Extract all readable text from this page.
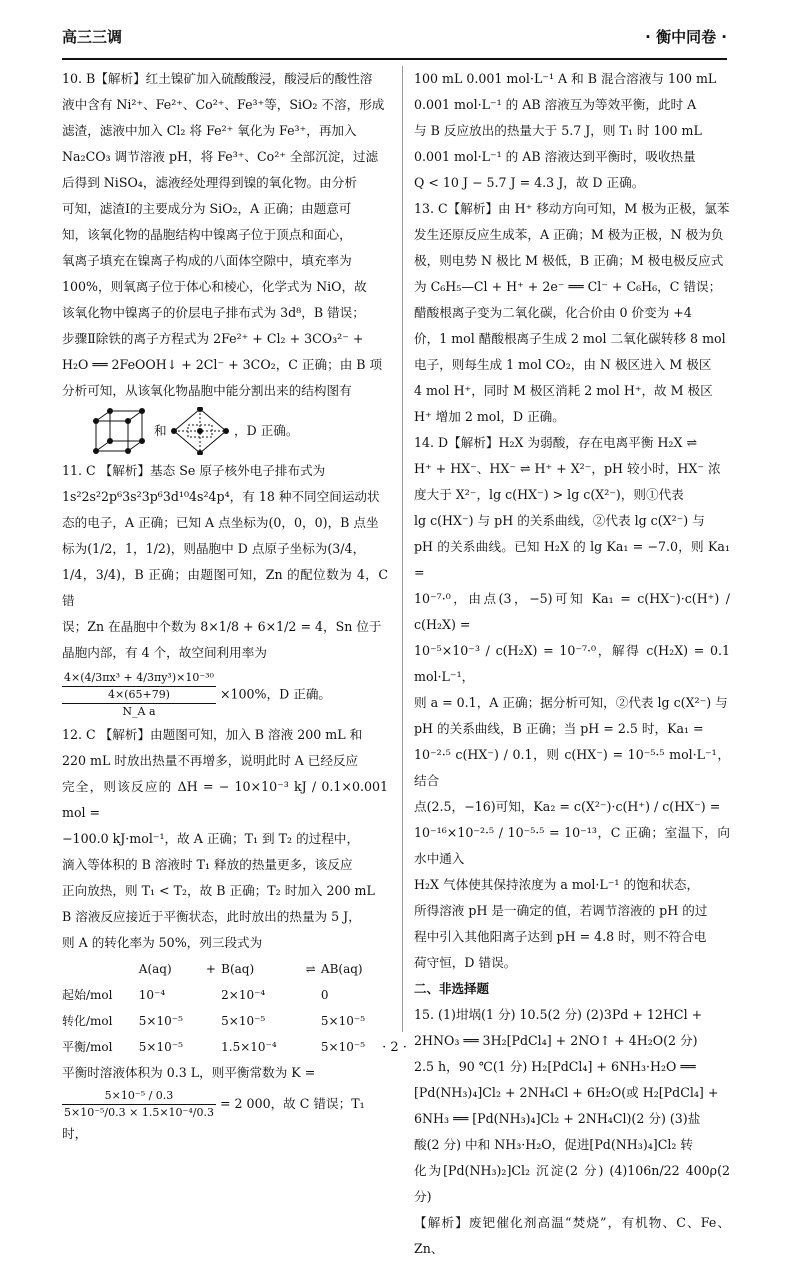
高三三调	· 衡中同卷 ·

10. B【解析】红土镍矿加入硫酸酸浸，酸浸后的酸性溶

液中含有 Ni²⁺、Fe²⁺、Co²⁺、Fe³⁺等，SiO₂ 不溶，形成

滤渣，滤液中加入 Cl₂ 将 Fe²⁺ 氧化为 Fe³⁺，再加入

Na₂CO₃ 调节溶液 pH，将 Fe³⁺、Co²⁺ 全部沉淀，过滤

后得到 NiSO₄，滤液经处理得到镍的氧化物。由分析

可知，滤渣Ⅰ的主要成分为 SiO₂，A 正确；由题意可

知，该氧化物的晶胞结构中镍离子位于顶点和面心，

氧离子填充在镍离子构成的八面体空隙中，填充率为

100%，则氧离子位于体心和棱心，化学式为 NiO，故

该氧化物中镍离子的价层电子排布式为 3d⁸，B 错误；

步骤Ⅱ除铁的离子方程式为 2Fe²⁺ + Cl₂ + 3CO₃²⁻ +

H₂O ══ 2FeOOH↓ + 2Cl⁻ + 3CO₂，C 正确；由 B 项

分析可知，从该氧化物晶胞中能分割出来的结构图有

和	，D 正确。

11. C 【解析】基态 Se 原子核外电子排布式为

1s²2s²2p⁶3s²3p⁶3d¹⁰4s²4p⁴，有 18 种不同空间运动状

态的电子，A 正确；已知 A 点坐标为(0，0，0)，B 点坐

标为(1/2，1，1/2)，则晶胞中 D 点原子坐标为(3/4，

1/4，3/4)，B 正确；由题图可知，Zn 的配位数为 4，C 错

误；Zn 在晶胞中个数为 8×1/8 + 6×1/2 = 4，Sn 位于

晶胞内部，有 4 个，故空间利用率为

4×(4/3πx³ + 4/3πy³)×10⁻³⁰
4×(65+79)
N_A a
×100%，D 正确。

12. C 【解析】由题图可知，加入 B 溶液 200 mL 和

220 mL 时放出热量不再增多，说明此时 A 已经反应

完全，则该反应的 ΔH = − 10×10⁻³ kJ / 0.1×0.001 mol =

−100.0 kJ·mol⁻¹，故 A 正确；T₁ 到 T₂ 的过程中，

滴入等体积的 B 溶液时 T₁ 释放的热量更多，该反应

正向放热，则 T₁ < T₂，故 B 正确；T₂ 时加入 200 mL

B 溶液反应接近于平衡状态，此时放出的热量为 5 J，

则 A 的转化率为 50%，列三段式为

	A(aq)	+	B(aq)	⇌	AB(aq)
起始/mol	10⁻⁴		2×10⁻⁴		0
转化/mol	5×10⁻⁵		5×10⁻⁵		5×10⁻⁵
平衡/mol	5×10⁻⁵		1.5×10⁻⁴		5×10⁻⁵

平衡时溶液体积为 0.3 L，则平衡常数为 K =

$\frac{\text{5×10⁻⁵ / 0.3}}{\text{5×10⁻⁵/0.3 × 1.5×10⁻⁴/0.3}} = 2$ 000，故 C 错误；T₁ 时，

100 mL 0.001 mol·L⁻¹ A 和 B 混合溶液与 100 mL

0.001 mol·L⁻¹ 的 AB 溶液互为等效平衡，此时 A

与 B 反应放出的热量大于 5.7 J，则 T₁ 时 100 mL

0.001 mol·L⁻¹ 的 AB 溶液达到平衡时，吸收热量

Q < 10 J − 5.7 J = 4.3 J，故 D 正确。

13. C【解析】由 H⁺ 移动方向可知，M 极为正极，氯苯

发生还原反应生成苯，A 正确；M 极为正极，N 极为负

极，则电势 N 极比 M 极低，B 正确；M 极电极反应式

为 C₆H₅—Cl + H⁺ + 2e⁻ ══ Cl⁻ + C₆H₆，C 错误；

醋酸根离子变为二氧化碳，化合价由 0 价变为 +4

价，1 mol 醋酸根离子生成 2 mol 二氧化碳转移 8 mol

电子，则每生成 1 mol CO₂，由 N 极区进入 M 极区

4 mol H⁺，同时 M 极区消耗 2 mol H⁺，故 M 极区

H⁺ 增加 2 mol，D 正确。

14. D【解析】H₂X 为弱酸，存在电离平衡 H₂X ⇌

H⁺ + HX⁻、HX⁻ ⇌ H⁺ + X²⁻，pH 较小时，HX⁻ 浓

度大于 X²⁻，lg c(HX⁻) > lg c(X²⁻)，则①代表

lg c(HX⁻) 与 pH 的关系曲线，②代表 lg c(X²⁻) 与

pH 的关系曲线。已知 H₂X 的 lg Ka₁ = −7.0，则 Ka₁ =

10⁻⁷·⁰，由点(3，−5)可知 Ka₁ = c(HX⁻)·c(H⁺) / c(H₂X) =

10⁻⁵×10⁻³ / c(H₂X) = 10⁻⁷·⁰，解得 c(H₂X) = 0.1 mol·L⁻¹，

则 a = 0.1，A 正确；据分析可知，②代表 lg c(X²⁻) 与

pH 的关系曲线，B 正确；当 pH = 2.5 时，Ka₁ =

10⁻²·⁵ c(HX⁻) / 0.1，则 c(HX⁻) = 10⁻⁵·⁵ mol·L⁻¹，结合

点(2.5，−16)可知，Ka₂ = c(X²⁻)·c(H⁺) / c(HX⁻) =

10⁻¹⁶×10⁻²·⁵ / 10⁻⁵·⁵ = 10⁻¹³，C 正确；室温下，向水中通入

H₂X 气体使其保持浓度为 a mol·L⁻¹ 的饱和状态，

所得溶液 pH 是一确定的值，若调节溶液的 pH 的过

程中引入其他阳离子达到 pH = 4.8 时，则不符合电

荷守恒，D 错误。

二、非选择题

15. (1)坩埚(1 分) 10.5(2 分) (2)3Pd + 12HCl +

2HNO₃ ══ 3H₂[PdCl₄] + 2NO↑ + 4H₂O(2 分)

2.5 h，90 ℃(1 分) H₂[PdCl₄] + 6NH₃·H₂O ══

[Pd(NH₃)₄]Cl₂ + 2NH₄Cl + 6H₂O(或 H₂[PdCl₄] +

6NH₃ ══ [Pd(NH₃)₄]Cl₂ + 2NH₄Cl)(2 分) (3)盐

酸(2 分) 中和 NH₃·H₂O，促进[Pd(NH₃)₄]Cl₂ 转

化为[Pd(NH₃)₂]Cl₂ 沉淀(2 分) (4)106n/22 400ρ(2 分)

【解析】废钯催化剂高温“焚烧”，有机物、C、Fe、Zn、

· 2 ·
